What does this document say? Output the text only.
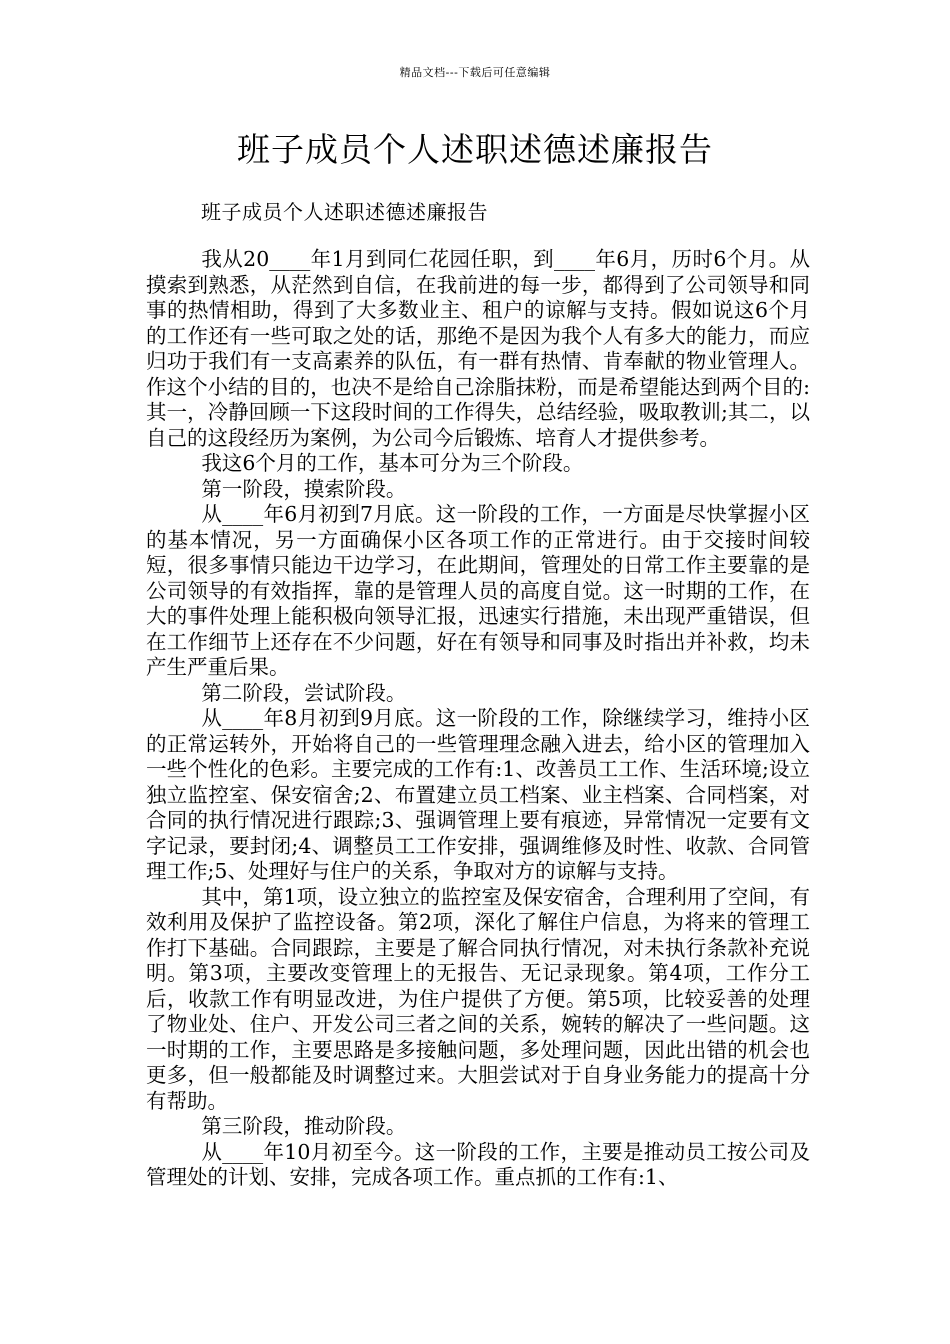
精品文档---下载后可任意编辑
班子成员个人述职述德述廉报告

班子成员个人述职述德述廉报告

我从20____年1月到同仁花园任职，到____年6月，历时6个月。从摸索到熟悉，从茫然到自信，在我前进的每一步，都得到了公司领导和同事的热情相助，得到了大多数业主、租户的谅解与支持。假如说这6个月的工作还有一些可取之处的话，那绝不是因为我个人有多大的能力，而应归功于我们有一支高素养的队伍，有一群有热情、肯奉献的物业管理人。作这个小结的目的，也决不是给自己涂脂抹粉，而是希望能达到两个目的:其一，冷静回顾一下这段时间的工作得失，总结经验，吸取教训;其二，以自己的这段经历为案例，为公司今后锻炼、培育人才提供参考。

我这6个月的工作，基本可分为三个阶段。

第一阶段，摸索阶段。

从____年6月初到7月底。这一阶段的工作，一方面是尽快掌握小区的基本情况，另一方面确保小区各项工作的正常进行。由于交接时间较短，很多事情只能边干边学习，在此期间，管理处的日常工作主要靠的是公司领导的有效指挥，靠的是管理人员的高度自觉。这一时期的工作，在大的事件处理上能积极向领导汇报，迅速实行措施，未出现严重错误，但在工作细节上还存在不少问题，好在有领导和同事及时指出并补救，均未产生严重后果。

第二阶段，尝试阶段。

从____年8月初到9月底。这一阶段的工作，除继续学习，维持小区的正常运转外，开始将自己的一些管理理念融入进去，给小区的管理加入一些个性化的色彩。主要完成的工作有:1、改善员工工作、生活环境;设立独立监控室、保安宿舍;2、布置建立员工档案、业主档案、合同档案，对合同的执行情况进行跟踪;3、强调管理上要有痕迹，异常情况一定要有文字记录，要封闭;4、调整员工工作安排，强调维修及时性、收款、合同管理工作;5、处理好与住户的关系，争取对方的谅解与支持。

其中，第1项，设立独立的监控室及保安宿舍，合理利用了空间，有效利用及保护了监控设备。第2项，深化了解住户信息，为将来的管理工作打下基础。合同跟踪，主要是了解合同执行情况，对未执行条款补充说明。第3项，主要改变管理上的无报告、无记录现象。第4项，工作分工后，收款工作有明显改进，为住户提供了方便。第5项，比较妥善的处理了物业处、住户、开发公司三者之间的关系，婉转的解决了一些问题。这一时期的工作，主要思路是多接触问题，多处理问题，因此出错的机会也更多，但一般都能及时调整过来。大胆尝试对于自身业务能力的提高十分有帮助。

第三阶段，推动阶段。

从____年10月初至今。这一阶段的工作，主要是推动员工按公司及管理处的计划、安排，完成各项工作。重点抓的工作有:1、
